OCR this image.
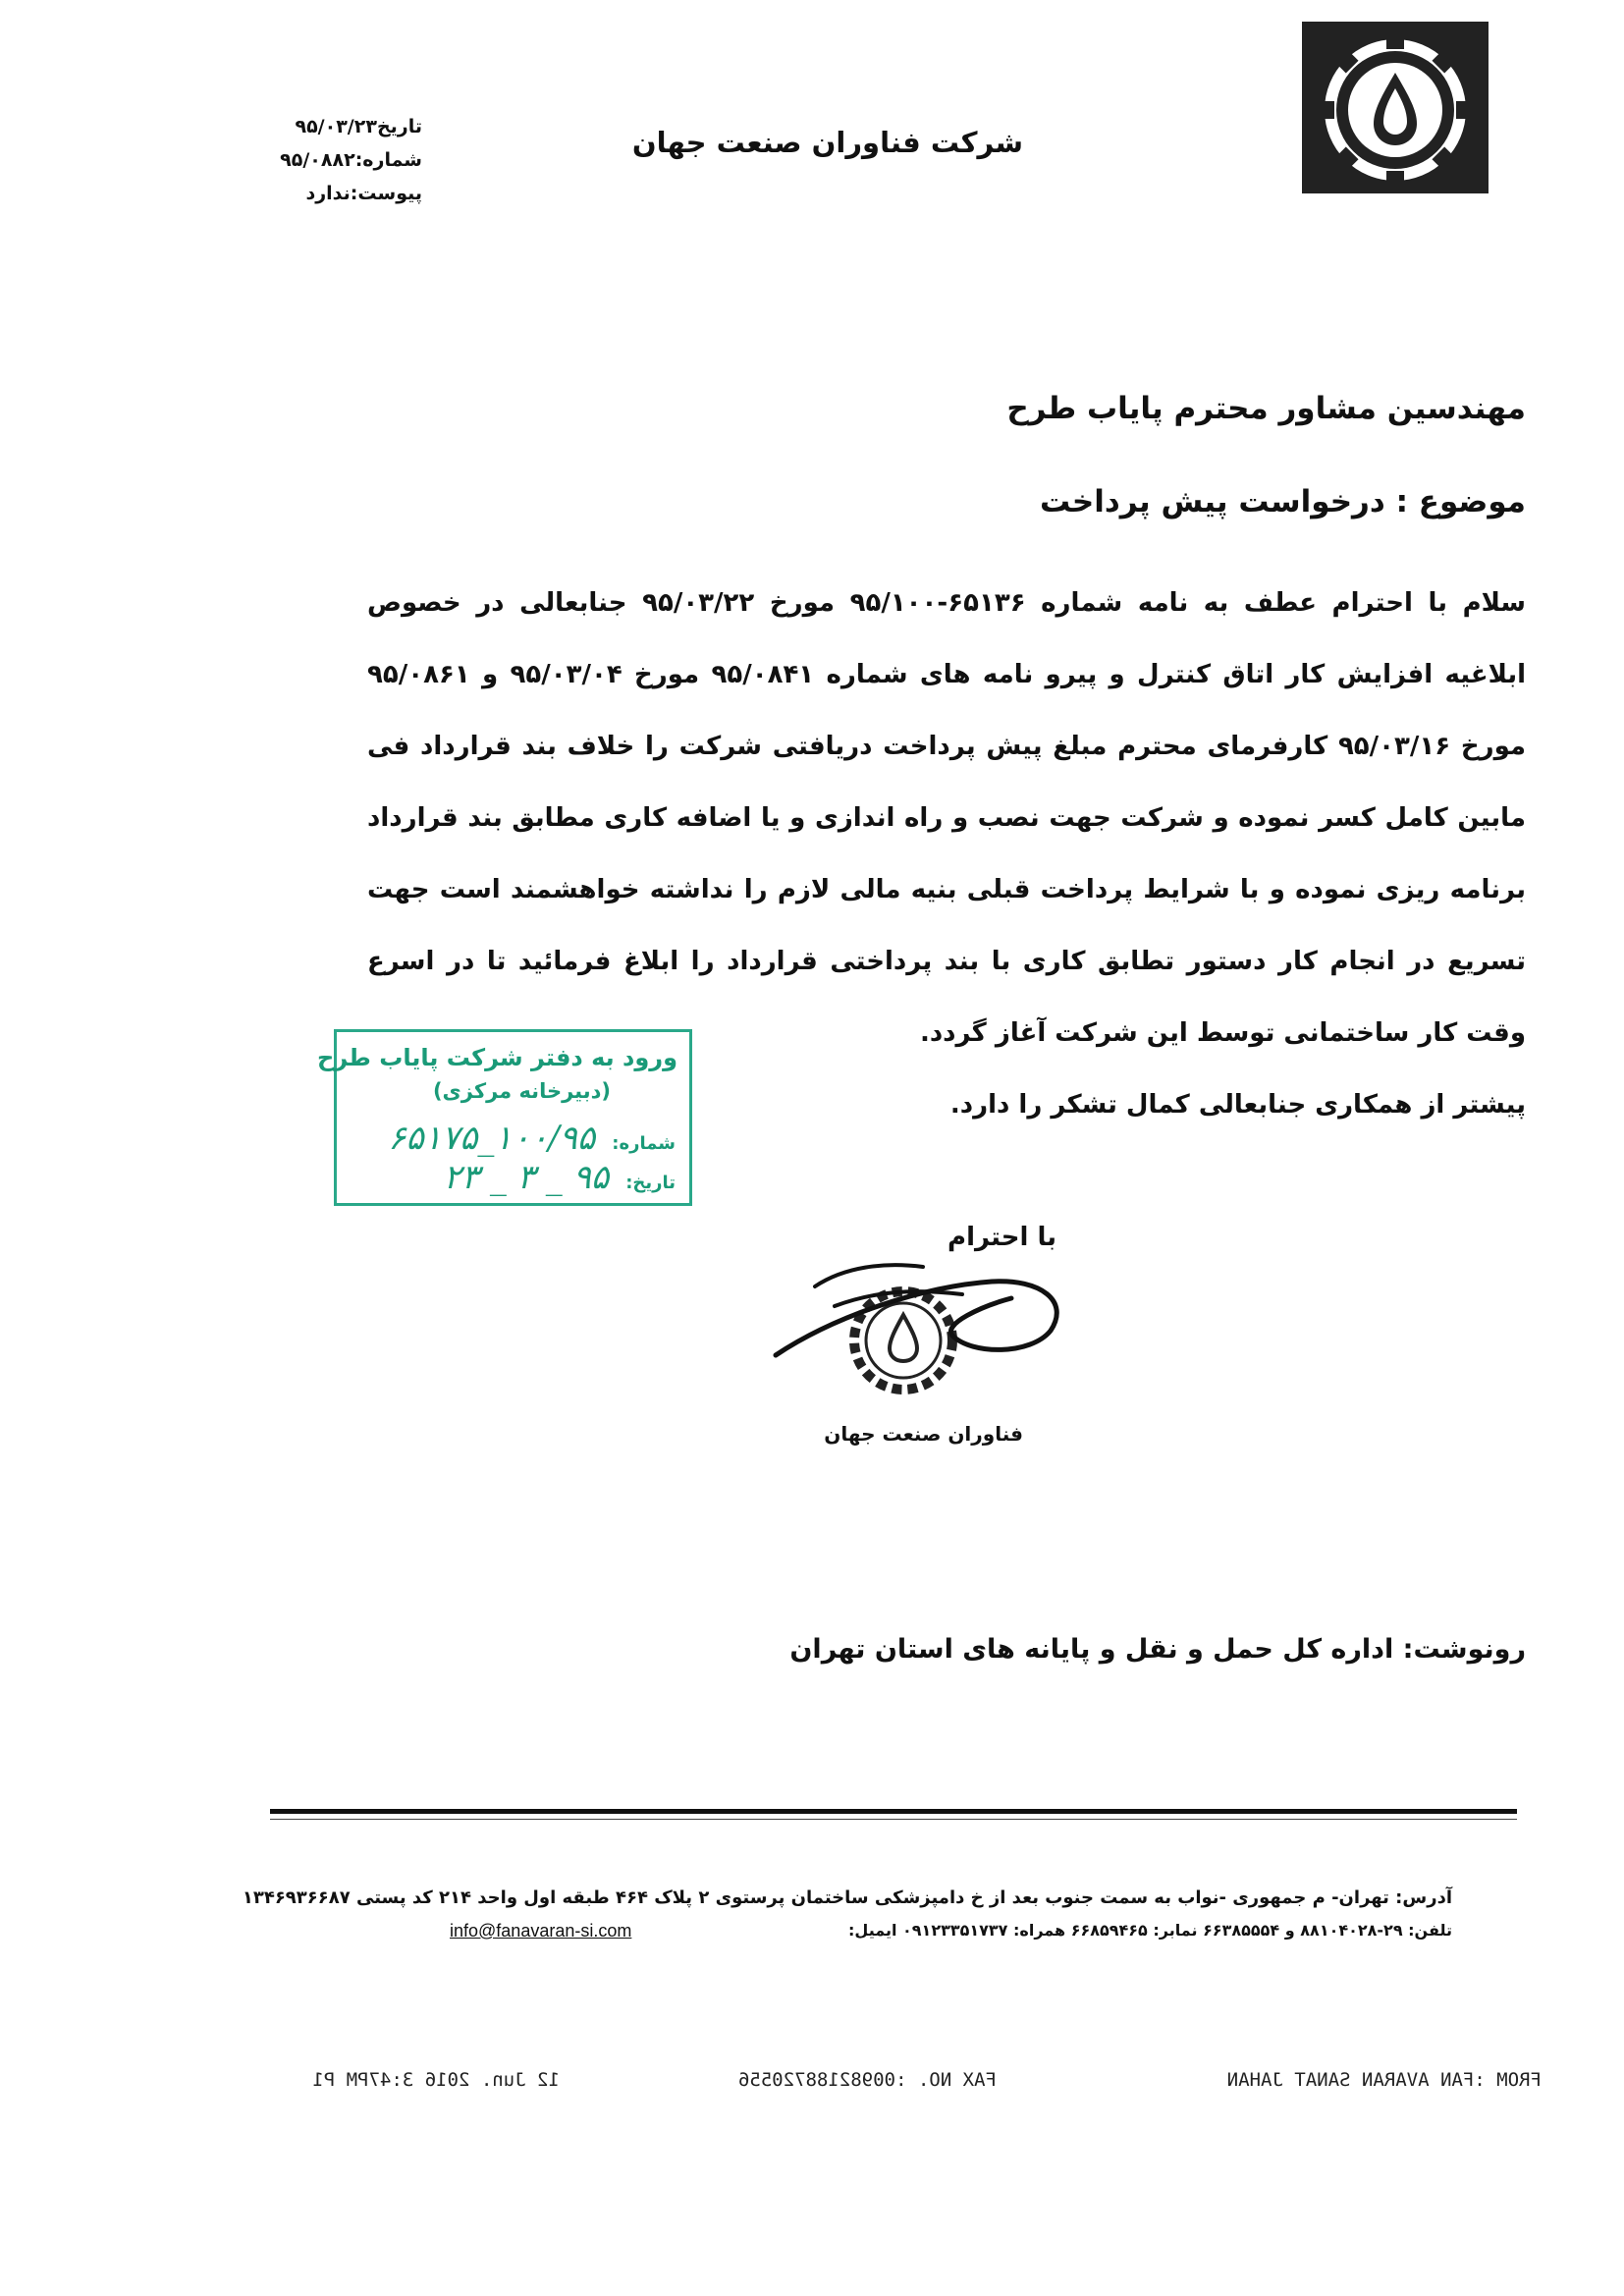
شرکت فناوران صنعت جهان
تاریخ۹۵/۰۳/۲۳
شماره:۹۵/۰۸۸۲
پیوست:ندارد
مهندسین مشاور محترم پایاب طرح
موضوع : درخواست پیش پرداخت

سلام با احترام عطف به نامه شماره ۶۵۱۳۶-۹۵/۱۰۰ مورخ ۹۵/۰۳/۲۲ جنابعالی در خصوص ابلاغیه افزایش کار اتاق کنترل و پیرو نامه های شماره ۹۵/۰۸۴۱ مورخ ۹۵/۰۳/۰۴ و ۹۵/۰۸۶۱ مورخ ۹۵/۰۳/۱۶ کارفرمای محترم مبلغ پیش پرداخت دریافتی شرکت را خلاف بند قرارداد فی مابین کامل کسر نموده و شرکت جهت نصب و راه اندازی و یا اضافه کاری مطابق بند قرارداد برنامه ریزی نموده و با شرایط پرداخت قبلی بنیه مالی لازم را نداشته خواهشمند است جهت تسریع در انجام کار دستور تطابق کاری با بند پرداختی قرارداد را ابلاغ فرمائید تا در اسرع وقت کار ساختمانی توسط این شرکت آغاز گردد.

پیشتر از همکاری جنابعالی کمال تشکر را دارد.

ورود به دفتر شرکت پایاب طرح
(دبیرخانه مرکزی)
شماره: ۱۰۰/۹۵_۶۵۱۷۵
تاریخ: ۹۵ _ ۳ _ ۲۳
با احترام
فناوران صنعت جهان
رونوشت: اداره کل حمل و نقل و پایانه های استان تهران
آدرس: تهران- م جمهوری -نواب به سمت جنوب بعد از خ دامپزشکی ساختمان پرستوی ۲ پلاک ۴۶۴ طبقه اول واحد ۲۱۴ کد پستی ۱۳۴۶۹۳۶۶۸۷
تلفن: ۲۹-۸۸۱۰۴۰۲۸ و ۶۶۳۸۵۵۵۴ نمابر: ۶۶۸۵۹۴۶۵ همراه: ۰۹۱۲۳۳۵۱۷۳۷ ایمیل:
info@fanavaran-si.com
FROM :FAN AVARAN SANAT JAHAN
FAX NO. :00982188720556
12 Jun. 2016 3:47PM P1
